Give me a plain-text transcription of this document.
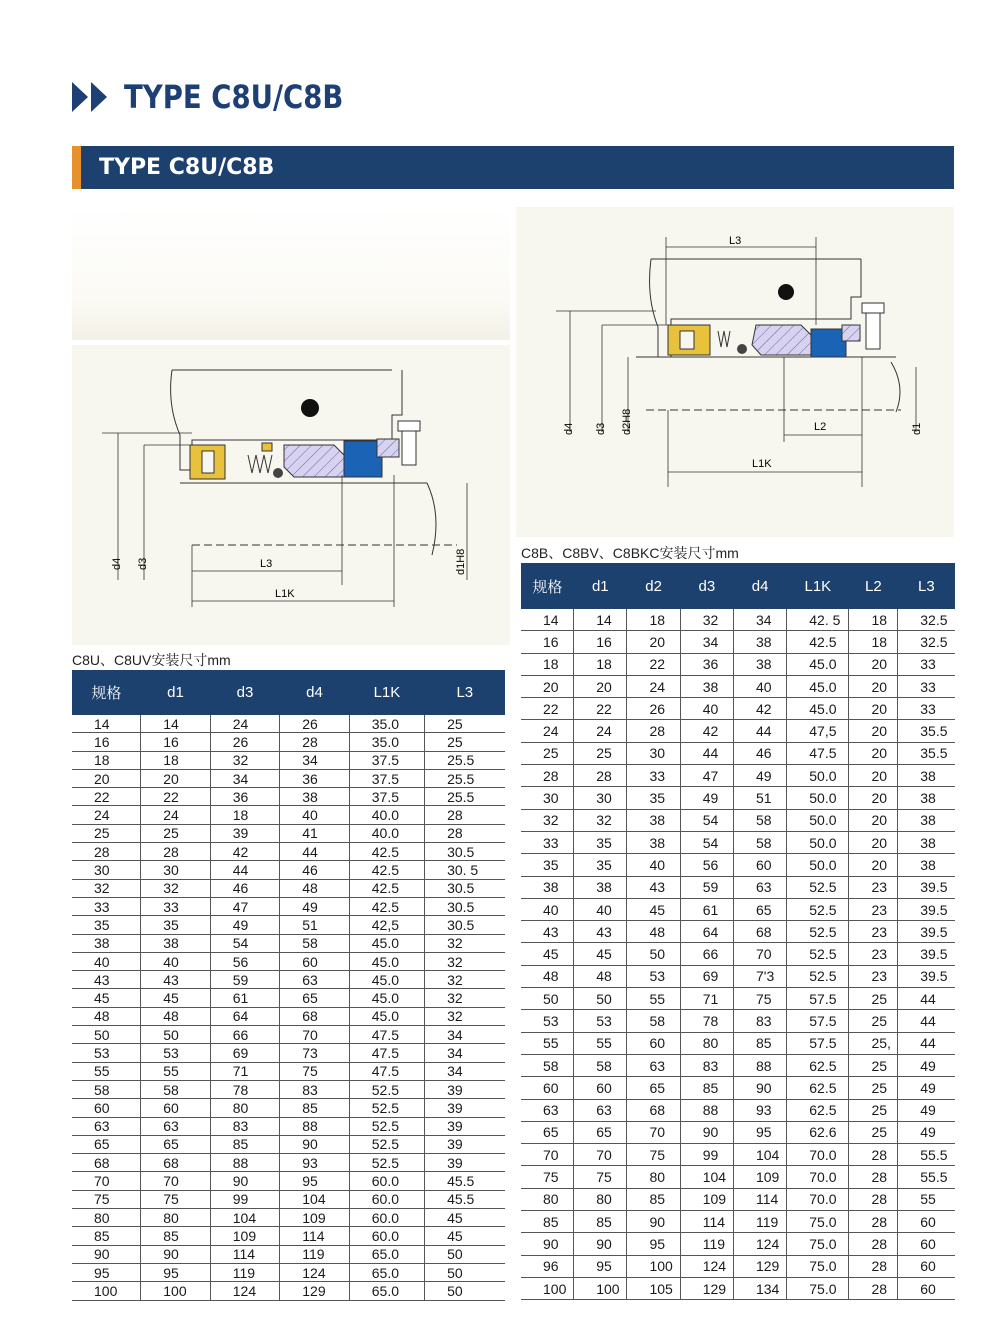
TYPE C8U/C8B
TYPE C8U/C8B
d4 d3	L3
L1K
d1H8
L3
d4 d3 d2H8	L2
L1K
d1
C8U、C8UV安装尺寸mm
C8B、C8BV、C8BKC安装尺寸mm
规格	d1	d3	d4	L1K	L3
14	14	24	26	35.0	25
16	16	26	28	35.0	25
18	18	32	34	37.5	25.5
20	20	34	36	37.5	25.5
22	22	36	38	37.5	25.5
24	24	18	40	40.0	28
25	25	39	41	40.0	28
28	28	42	44	42.5	30.5
30	30	44	46	42.5	30. 5
32	32	46	48	42.5	30.5
33	33	47	49	42.5	30.5
35	35	49	51	42,5	30.5
38	38	54	58	45.0	32
40	40	56	60	45.0	32
43	43	59	63	45.0	32
45	45	61	65	45.0	32
48	48	64	68	45.0	32
50	50	66	70	47.5	34
53	53	69	73	47.5	34
55	55	71	75	47.5	34
58	58	78	83	52.5	39
60	60	80	85	52.5	39
63	63	83	88	52.5	39
65	65	85	90	52.5	39
68	68	88	93	52.5	39
70	70	90	95	60.0	45.5
75	75	99	104	60.0	45.5
80	80	104	109	60.0	45
85	85	109	114	60.0	45
90	90	114	119	65.0	50
95	95	119	124	65.0	50
100	100	124	129	65.0	50
规格	d1	d2	d3	d4	L1K	L2	L3
14	14	18	32	34	42. 5	18	32.5
16	16	20	34	38	42.5	18	32.5
18	18	22	36	38	45.0	20	33
20	20	24	38	40	45.0	20	33
22	22	26	40	42	45.0	20	33
24	24	28	42	44	47,5	20	35.5
25	25	30	44	46	47.5	20	35.5
28	28	33	47	49	50.0	20	38
30	30	35	49	51	50.0	20	38
32	32	38	54	58	50.0	20	38
33	35	38	54	58	50.0	20	38
35	35	40	56	60	50.0	20	38
38	38	43	59	63	52.5	23	39.5
40	40	45	61	65	52.5	23	39.5
43	43	48	64	68	52.5	23	39.5
45	45	50	66	70	52.5	23	39.5
48	48	53	69	7'3	52.5	23	39.5
50	50	55	71	75	57.5	25	44
53	53	58	78	83	57.5	25	44
55	55	60	80	85	57.5	25,	44
58	58	63	83	88	62.5	25	49
60	60	65	85	90	62.5	25	49
63	63	68	88	93	62.5	25	49
65	65	70	90	95	62.6	25	49
70	70	75	99	104	70.0	28	55.5
75	75	80	104	109	70.0	28	55.5
80	80	85	109	114	70.0	28	55
85	85	90	114	119	75.0	28	60
90	90	95	119	124	75.0	28	60
96	95	100	124	129	75.0	28	60
100	100	105	129	134	75.0	28	60
